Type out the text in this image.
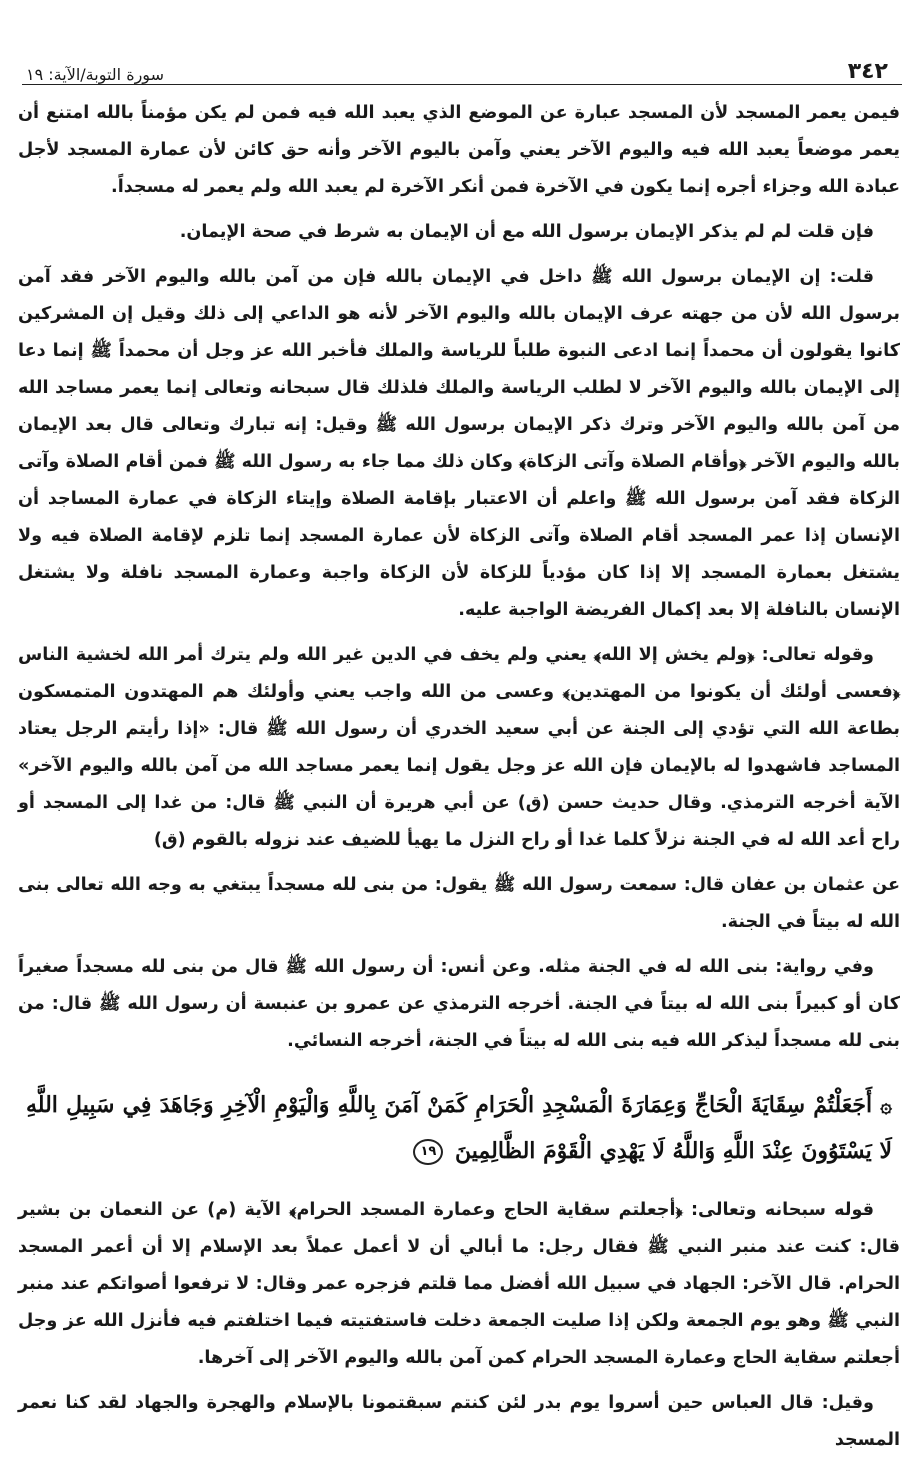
٣٤٢
سورة التوبة/الآية: ١٩

فيمن يعمر المسجد لأن المسجد عبارة عن الموضع الذي يعبد الله فيه فمن لم يكن مؤمناً بالله امتنع أن يعمر موضعاً يعبد الله فيه واليوم الآخر يعني وآمن باليوم الآخر وأنه حق كائن لأن عمارة المسجد لأجل عبادة الله وجزاء أجره إنما يكون في الآخرة فمن أنكر الآخرة لم يعبد الله ولم يعمر له مسجداً.

فإن قلت لم لم يذكر الإيمان برسول الله مع أن الإيمان به شرط في صحة الإيمان.

قلت: إن الإيمان برسول الله ﷺ داخل في الإيمان بالله فإن من آمن بالله واليوم الآخر فقد آمن برسول الله لأن من جهته عرف الإيمان بالله واليوم الآخر لأنه هو الداعي إلى ذلك وقيل إن المشركين كانوا يقولون أن محمداً إنما ادعى النبوة طلباً للرياسة والملك فأخبر الله عز وجل أن محمداً ﷺ إنما دعا إلى الإيمان بالله واليوم الآخر لا لطلب الرياسة والملك فلذلك قال سبحانه وتعالى إنما يعمر مساجد الله من آمن بالله واليوم الآخر وترك ذكر الإيمان برسول الله ﷺ وقيل: إنه تبارك وتعالى قال بعد الإيمان بالله واليوم الآخر ﴿وأقام الصلاة وآتى الزكاة﴾ وكان ذلك مما جاء به رسول الله ﷺ فمن أقام الصلاة وآتى الزكاة فقد آمن برسول الله ﷺ واعلم أن الاعتبار بإقامة الصلاة وإيتاء الزكاة في عمارة المساجد أن الإنسان إذا عمر المسجد أقام الصلاة وآتى الزكاة لأن عمارة المسجد إنما تلزم لإقامة الصلاة فيه ولا يشتغل بعمارة المسجد إلا إذا كان مؤدياً للزكاة لأن الزكاة واجبة وعمارة المسجد نافلة ولا يشتغل الإنسان بالنافلة إلا بعد إكمال الفريضة الواجبة عليه.

وقوله تعالى: ﴿ولم يخش إلا الله﴾ يعني ولم يخف في الدين غير الله ولم يترك أمر الله لخشية الناس ﴿فعسى أولئك أن يكونوا من المهتدين﴾ وعسى من الله واجب يعني وأولئك هم المهتدون المتمسكون بطاعة الله التي تؤدي إلى الجنة عن أبي سعيد الخدري أن رسول الله ﷺ قال: «إذا رأيتم الرجل يعتاد المساجد فاشهدوا له بالإيمان فإن الله عز وجل يقول إنما يعمر مساجد الله من آمن بالله واليوم الآخر» الآية أخرجه الترمذي. وقال حديث حسن (ق) عن أبي هريرة أن النبي ﷺ قال: من غدا إلى المسجد أو راح أعد الله له في الجنة نزلاً كلما غدا أو راح النزل ما يهيأ للضيف عند نزوله بالقوم (ق)

عن عثمان بن عفان قال: سمعت رسول الله ﷺ يقول: من بنى لله مسجداً يبتغي به وجه الله تعالى بنى الله له بيتاً في الجنة.

وفي رواية: بنى الله له في الجنة مثله. وعن أنس: أن رسول الله ﷺ قال من بنى لله مسجداً صغيراً كان أو كبيراً بنى الله له بيتاً في الجنة. أخرجه الترمذي عن عمرو بن عنبسة أن رسول الله ﷺ قال: من بنى لله مسجداً ليذكر الله فيه بنى الله له بيتاً في الجنة، أخرجه النسائي.

۞ أَجَعَلْتُمْ سِقَايَةَ الْحَاجِّ وَعِمَارَةَ الْمَسْجِدِ الْحَرَامِ كَمَنْ آمَنَ بِاللَّهِ وَالْيَوْمِ الْآخِرِ وَجَاهَدَ فِي سَبِيلِ اللَّهِ لَا يَسْتَوُونَ عِنْدَ اللَّهِ وَاللَّهُ لَا يَهْدِي الْقَوْمَ الظَّالِمِينَ ١٩

قوله سبحانه وتعالى: ﴿أجعلتم سقاية الحاج وعمارة المسجد الحرام﴾ الآية (م) عن النعمان بن بشير قال: كنت عند منبر النبي ﷺ فقال رجل: ما أبالي أن لا أعمل عملاً بعد الإسلام إلا أن أعمر المسجد الحرام. قال الآخر: الجهاد في سبيل الله أفضل مما قلتم فزجره عمر وقال: لا ترفعوا أصواتكم عند منبر النبي ﷺ وهو يوم الجمعة ولكن إذا صليت الجمعة دخلت فاستفتيته فيما اختلفتم فيه فأنزل الله عز وجل أجعلتم سقاية الحاج وعمارة المسجد الحرام كمن آمن بالله واليوم الآخر إلى آخرها.

وقيل: قال العباس حين أسروا يوم بدر لئن كنتم سبقتمونا بالإسلام والهجرة والجهاد لقد كنا نعمر المسجد
